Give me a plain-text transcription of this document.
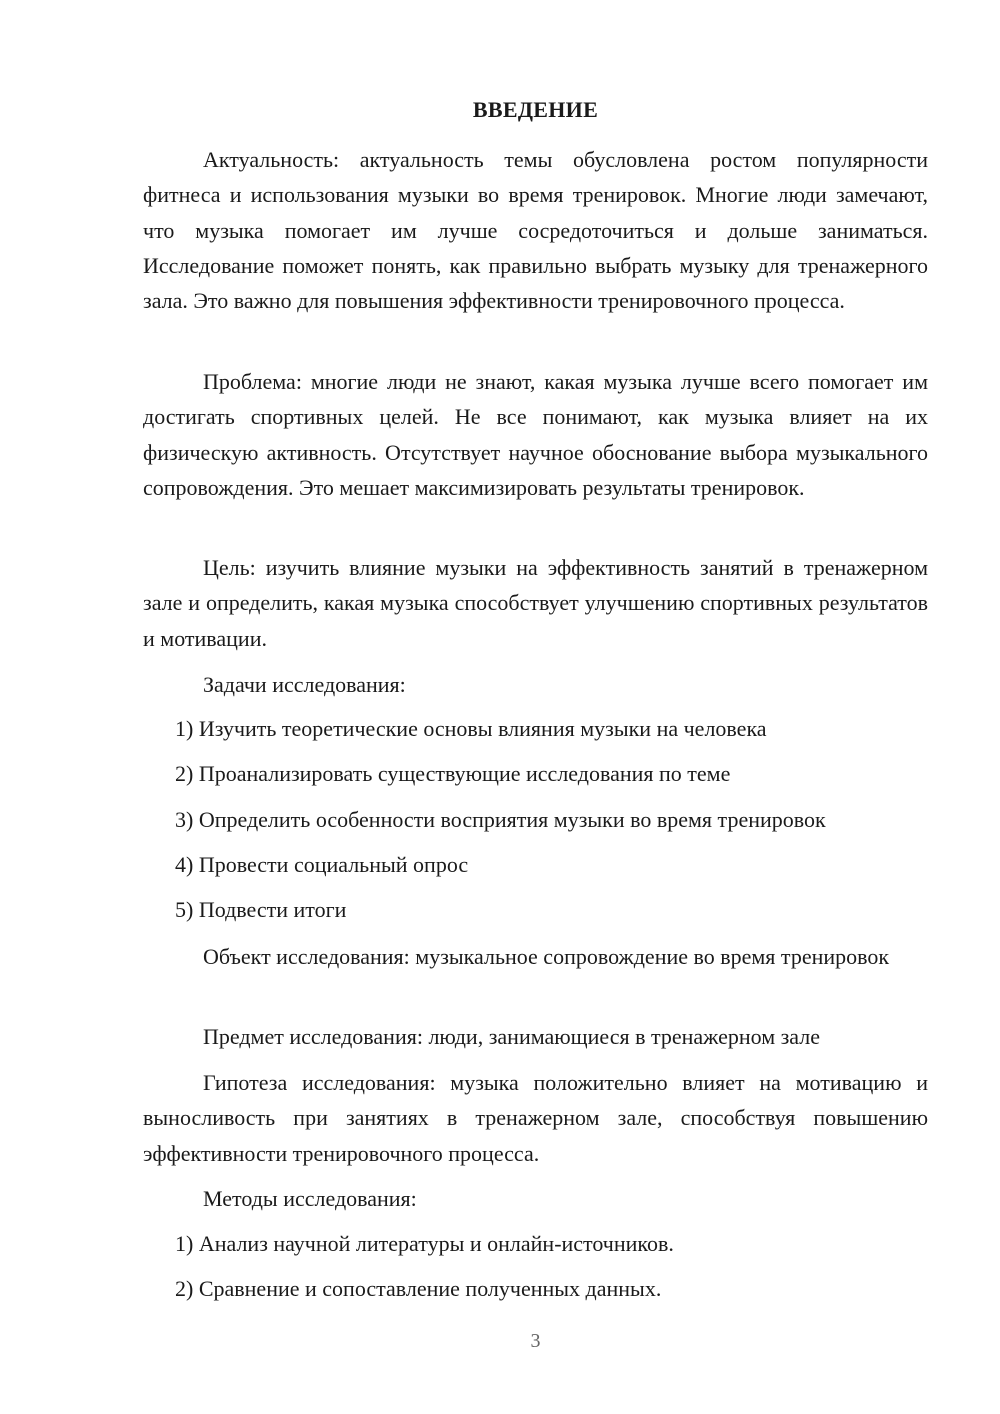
ВВЕДЕНИЕ

Актуальность: актуальность темы обусловлена ростом популярности фитнеса и использования музыки во время тренировок. Многие люди замечают, что музыка помогает им лучше сосредоточиться и дольше заниматься. Исследование поможет понять, как правильно выбрать музыку для тренажерного зала. Это важно для повышения эффективности тренировочного процесса.

Проблема: многие люди не знают, какая музыка лучше всего помогает им достигать спортивных целей. Не все понимают, как музыка влияет на их физическую активность. Отсутствует научное обоснование выбора музыкального сопровождения. Это мешает максимизировать результаты тренировок.

Цель: изучить влияние музыки на эффективность занятий в тренажерном зале и определить, какая музыка способствует улучшению спортивных результатов и мотивации.

Задачи исследования:

1) Изучить теоретические основы влияния музыки на человека

2) Проанализировать существующие исследования по теме

3) Определить особенности восприятия музыки во время тренировок

4) Провести социальный опрос

5) Подвести итоги

Объект исследования: музыкальное сопровождение во время тренировок

Предмет исследования: люди, занимающиеся в тренажерном зале

Гипотеза исследования: музыка положительно влияет на мотивацию и выносливость при занятиях в тренажерном зале, способствуя повышению эффективности тренировочного процесса.

Методы исследования:

1) Анализ научной литературы и онлайн-источников.

2) Сравнение и сопоставление полученных данных.

3
